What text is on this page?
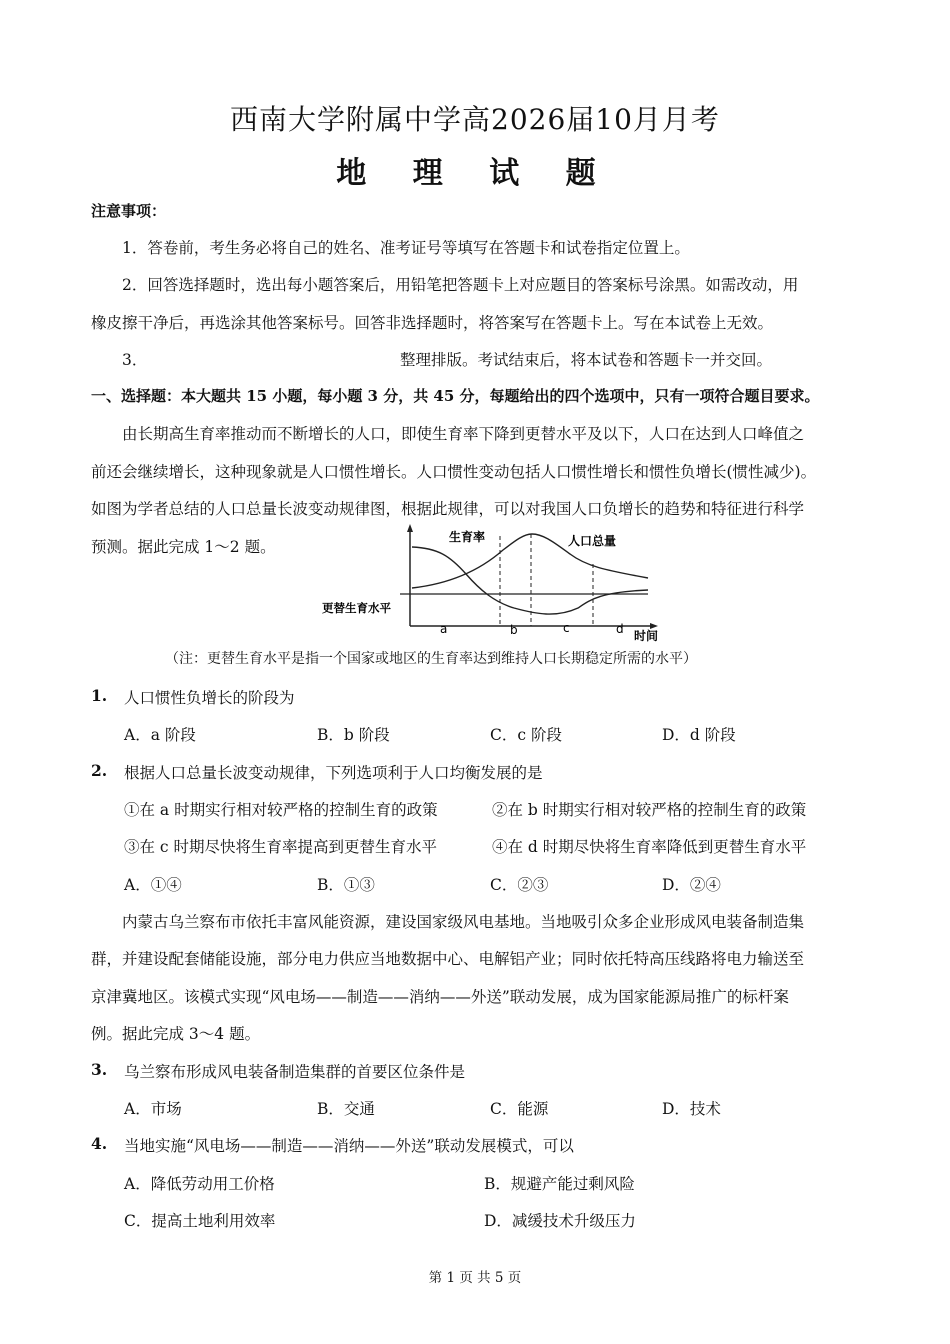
西南大学附属中学高2026届10月月考
地 理 试 题
注意事项：
1．答卷前，考生务必将自己的姓名、准考证号等填写在答题卡和试卷指定位置上。
2．回答选择题时，选出每小题答案后，用铅笔把答题卡上对应题目的答案标号涂黑。如需改动，用
橡皮擦干净后，再选涂其他答案标号。回答非选择题时，将答案写在答题卡上。写在本试卷上无效。
3．	整理排版。考试结束后，将本试卷和答题卡一并交回。
一、选择题：本大题共 15 小题，每小题 3 分，共 45 分，每题给出的四个选项中，只有一项符合题目要求。
由长期高生育率推动而不断增长的人口，即使生育率下降到更替水平及以下，人口在达到人口峰值之
前还会继续增长，这种现象就是人口惯性增长。人口惯性变动包括人口惯性增长和惯性负增长(惯性减少)。
如图为学者总结的人口总量长波变动规律图，根据此规律，可以对我国人口负增长的趋势和特征进行科学
预测。据此完成 1～2 题。
生育率	人口总量
更替生育水平
a	b	c	d 时间
（注：更替生育水平是指一个国家或地区的生育率达到维持人口长期稳定所需的水平）
1. 人口惯性负增长的阶段为
A．a 阶段	B．b 阶段	C．c 阶段	D．d 阶段
2. 根据人口总量长波变动规律，下列选项利于人口均衡发展的是
①在 a 时期实行相对较严格的控制生育的政策	②在 b 时期实行相对较严格的控制生育的政策
③在 c 时期尽快将生育率提高到更替生育水平	④在 d 时期尽快将生育率降低到更替生育水平
A．①④	B．①③	C．②③	D．②④
内蒙古乌兰察布市依托丰富风能资源，建设国家级风电基地。当地吸引众多企业形成风电装备制造集
群，并建设配套储能设施，部分电力供应当地数据中心、电解铝产业；同时依托特高压线路将电力输送至
京津冀地区。该模式实现“风电场——制造——消纳——外送”联动发展，成为国家能源局推广的标杆案
例。据此完成 3～4 题。
3. 乌兰察布形成风电装备制造集群的首要区位条件是
A．市场	B．交通	C．能源	D．技术
4. 当地实施“风电场——制造——消纳——外送”联动发展模式，可以
A．降低劳动用工价格	B．规避产能过剩风险
C．提高土地利用效率	D．减缓技术升级压力
第 1 页 共 5 页
